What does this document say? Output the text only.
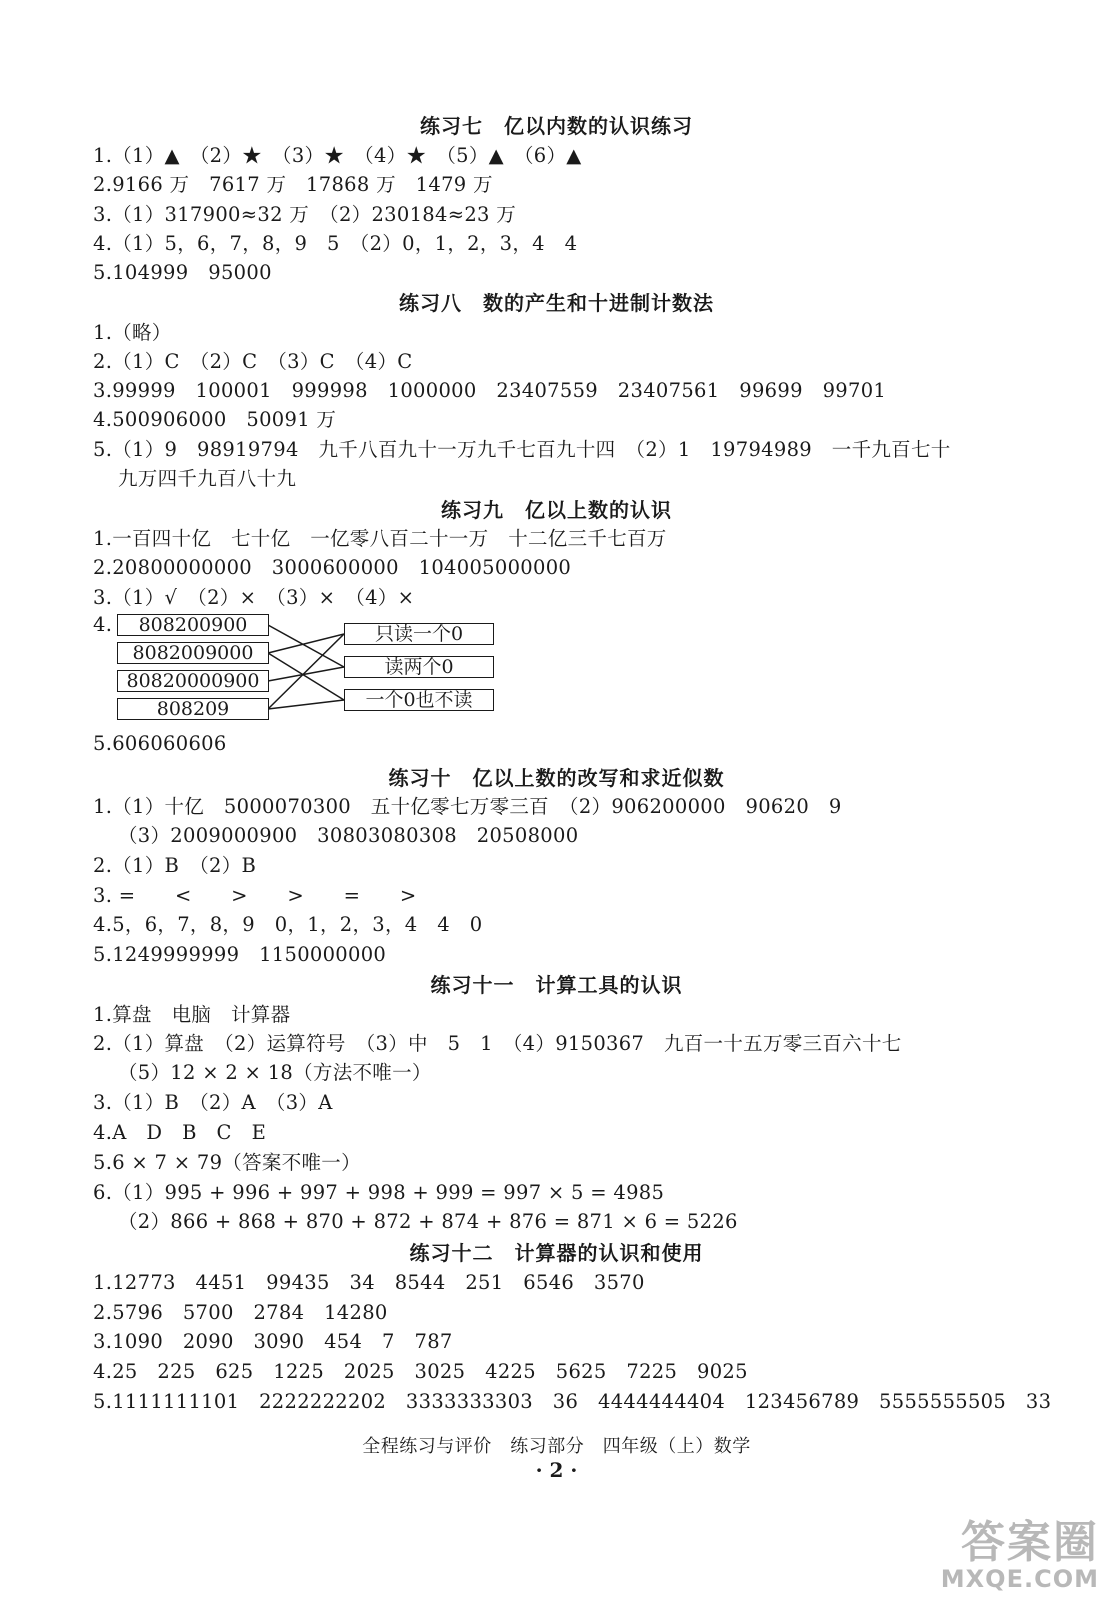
练习七　亿以内数的认识练习
1.（1）▲　（2）★　（3）★　（4）★　（5）▲　（6）▲
2.9166 万　7617 万　17868 万　1479 万
3.（1）317900≈32 万　（2）230184≈23 万
4.（1）5，6，7，8，9　5　（2）0，1，2，3，4　4
5.104999　95000
练习八　数的产生和十进制计数法
1.（略）
2.（1）C　（2）C　（3）C　（4）C
3.99999　100001　999998　1000000　23407559　23407561　99699　99701
4.500906000　50091 万
5.（1）9　98919794　九千八百九十一万九千七百九十四　（2）1　19794989　一千九百七十
九万四千九百八十九
练习九　亿以上数的认识
1.一百四十亿　七十亿　一亿零八百二十一万　十二亿三千七百万
2.20800000000　3000600000　104005000000
3.（1）√　（2）×　（3）×　（4）×
4.	808200900
8082009000
80820000900
808209
只读一个0
读两个0
一个0也不读
5.606060606
练习十　亿以上数的改写和求近似数
1.（1）十亿　5000070300　五十亿零七万零三百　（2）906200000　90620　9
（3）2009000900　30803080308　20508000
2.（1）B　（2）B
3. =　　<　　>　　>　　=　　>
4.5，6，7，8，9　0，1，2，3，4　4　0
5.1249999999　1150000000
练习十一　计算工具的认识
1.算盘　电脑　计算器
2.（1）算盘　（2）运算符号　（3）中　5　1　（4）9150367　九百一十五万零三百六十七
（5）12 × 2 × 18（方法不唯一）
3.（1）B　（2）A　（3）A
4.A　D　B　C　E
5.6 × 7 × 79（答案不唯一）
6.（1）995 + 996 + 997 + 998 + 999 = 997 × 5 = 4985
（2）866 + 868 + 870 + 872 + 874 + 876 = 871 × 6 = 5226
练习十二　计算器的认识和使用
1.12773　4451　99435　34　8544　251　6546　3570
2.5796　5700　2784　14280
3.1090　2090　3090　454　7　787
4.25　225　625　1225　2025　3025　4225　5625　7225　9025
5.1111111101　2222222202　3333333303　36　4444444404　123456789　5555555505　33
全程练习与评价　练习部分　四年级（上）数学
· 2 ·
答案圈
MXQE.COM
